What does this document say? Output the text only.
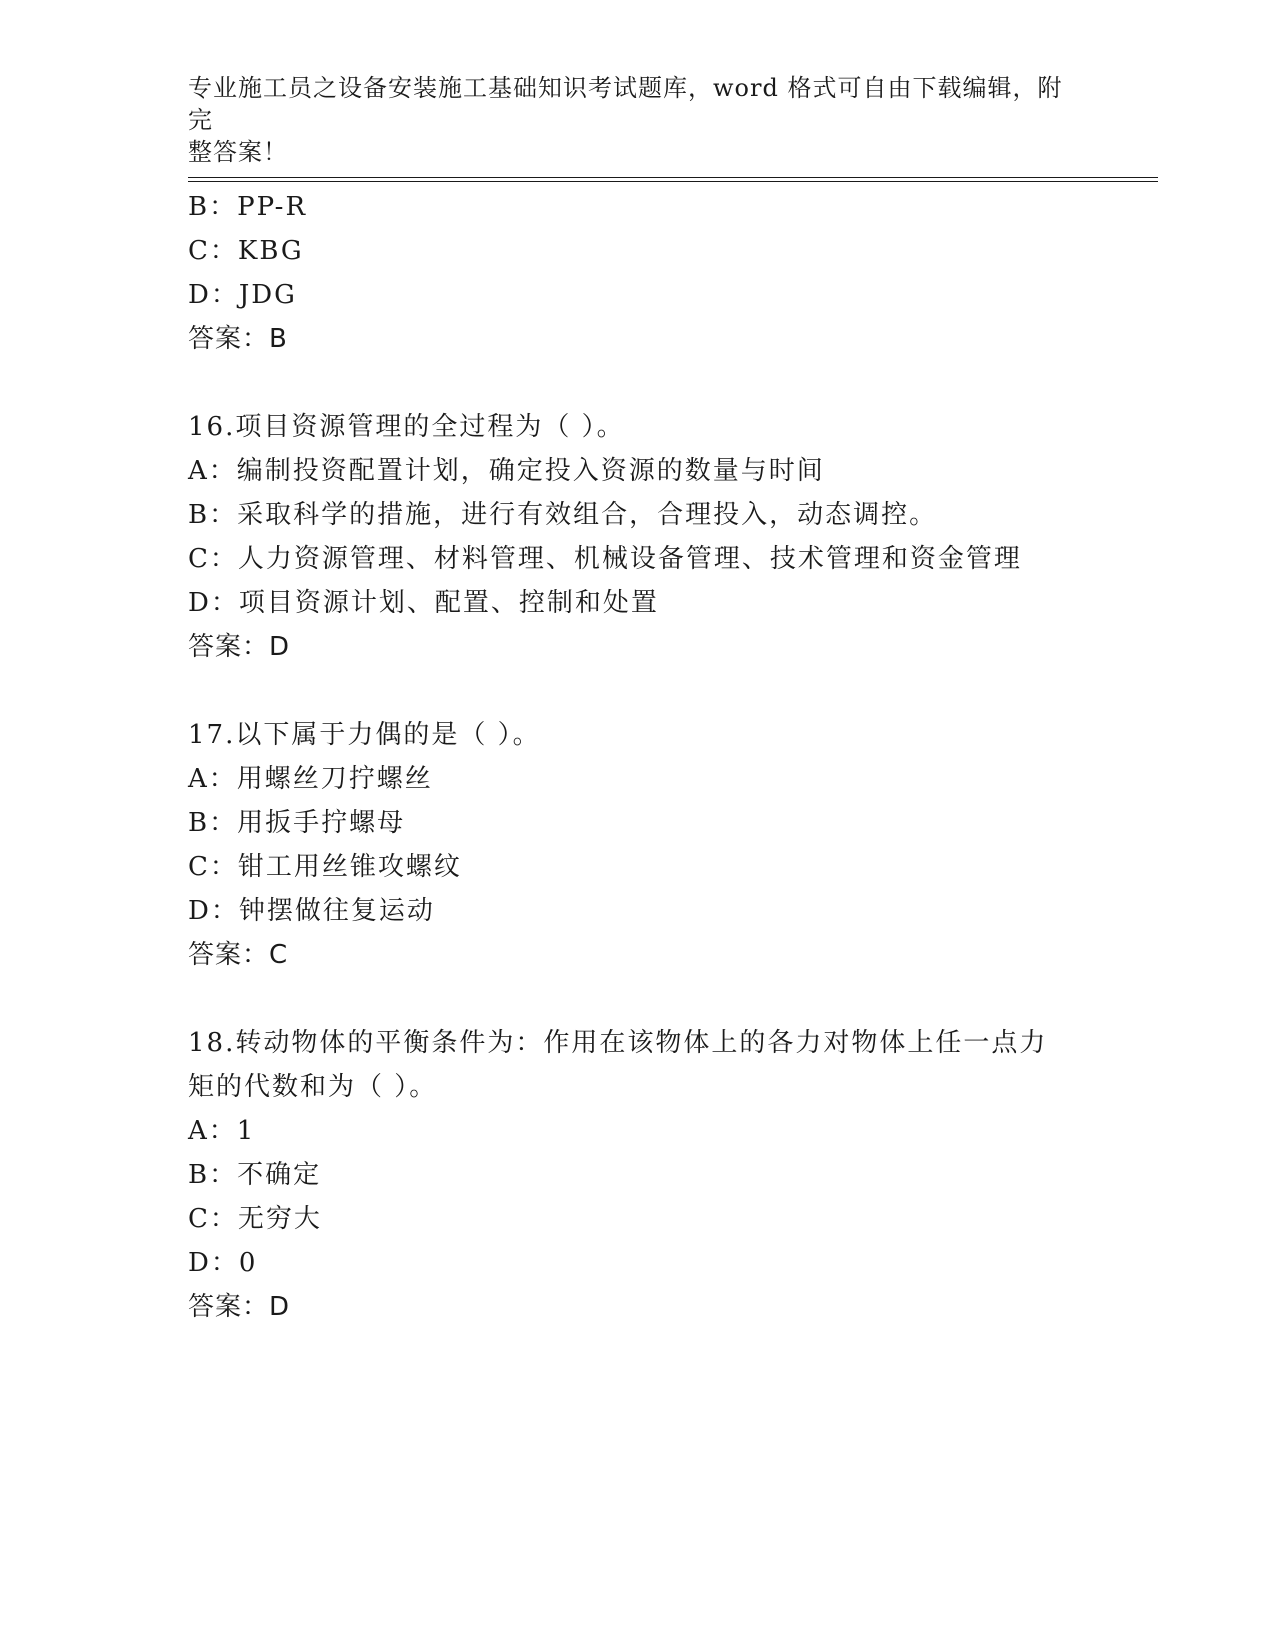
专业施工员之设备安装施工基础知识考试题库，word 格式可自由下载编辑，附完
整答案！
B：PP-R
C：KBG
D：JDG
答案：B
16.项目资源管理的全过程为（ ）。
A：编制投资配置计划，确定投入资源的数量与时间
B：采取科学的措施，进行有效组合，合理投入，动态调控。
C：人力资源管理、材料管理、机械设备管理、技术管理和资金管理
D：项目资源计划、配置、控制和处置
答案：D
17.以下属于力偶的是（ ）。
A：用螺丝刀拧螺丝
B：用扳手拧螺母
C：钳工用丝锥攻螺纹
D：钟摆做往复运动
答案：C
18.转动物体的平衡条件为：作用在该物体上的各力对物体上任一点力
矩的代数和为（ ）。
A：1
B：不确定
C：无穷大
D：0
答案：D
